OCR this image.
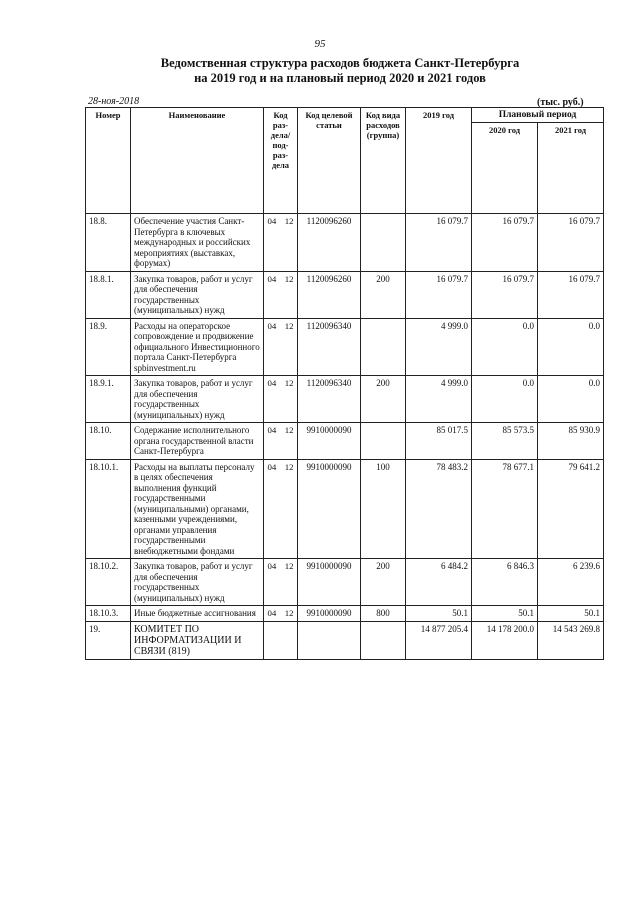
95
Ведомственная структура расходов бюджета Санкт-Петербурга
на 2019 год и на плановый период 2020 и 2021 годов
28-ноя-2018	(тыс. руб.)
Номер	Наименование	Код раз- дела/ под- раз- дела	Код целевой статьи	Код вида расходов (группа)	2019 год	Плановый период	
						2020 год	2021 год
18.8.	Обеспечение участия Санкт-Петербурга в ключевых международных и российских мероприятиях (выставках, форумах)	04 12	1120096260		16 079.7	16 079.7	16 079.7
18.8.1.	Закупка товаров, работ и услуг для обеспечения государственных (муниципальных) нужд	04 12	1120096260	200	16 079.7	16 079.7	16 079.7
18.9.	Расходы на операторское сопровождение и продвижение официального Инвестиционного портала Санкт-Петербурга spbinvestment.ru	04 12	1120096340		4 999.0	0.0	0.0
18.9.1.	Закупка товаров, работ и услуг для обеспечения государственных (муниципальных) нужд	04 12	1120096340	200	4 999.0	0.0	0.0
18.10.	Содержание исполнительного органа государственной власти Санкт-Петербурга	04 12	9910000090		85 017.5	85 573.5	85 930.9
18.10.1.	Расходы на выплаты персоналу в целях обеспечения выполнения функций государственными (муниципальными) органами, казенными учреждениями, органами управления государственными внебюджетными фондами	04 12	9910000090	100	78 483.2	78 677.1	79 641.2
18.10.2.	Закупка товаров, работ и услуг для обеспечения государственных (муниципальных) нужд	04 12	9910000090	200	6 484.2	6 846.3	6 239.6
18.10.3.	Иные бюджетные ассигнования	04 12	9910000090	800	50.1	50.1	50.1
19.	КОМИТЕТ ПО ИНФОРМАТИЗАЦИИ И СВЯЗИ (819)				14 877 205.4	14 178 200.0	14 543 269.8
